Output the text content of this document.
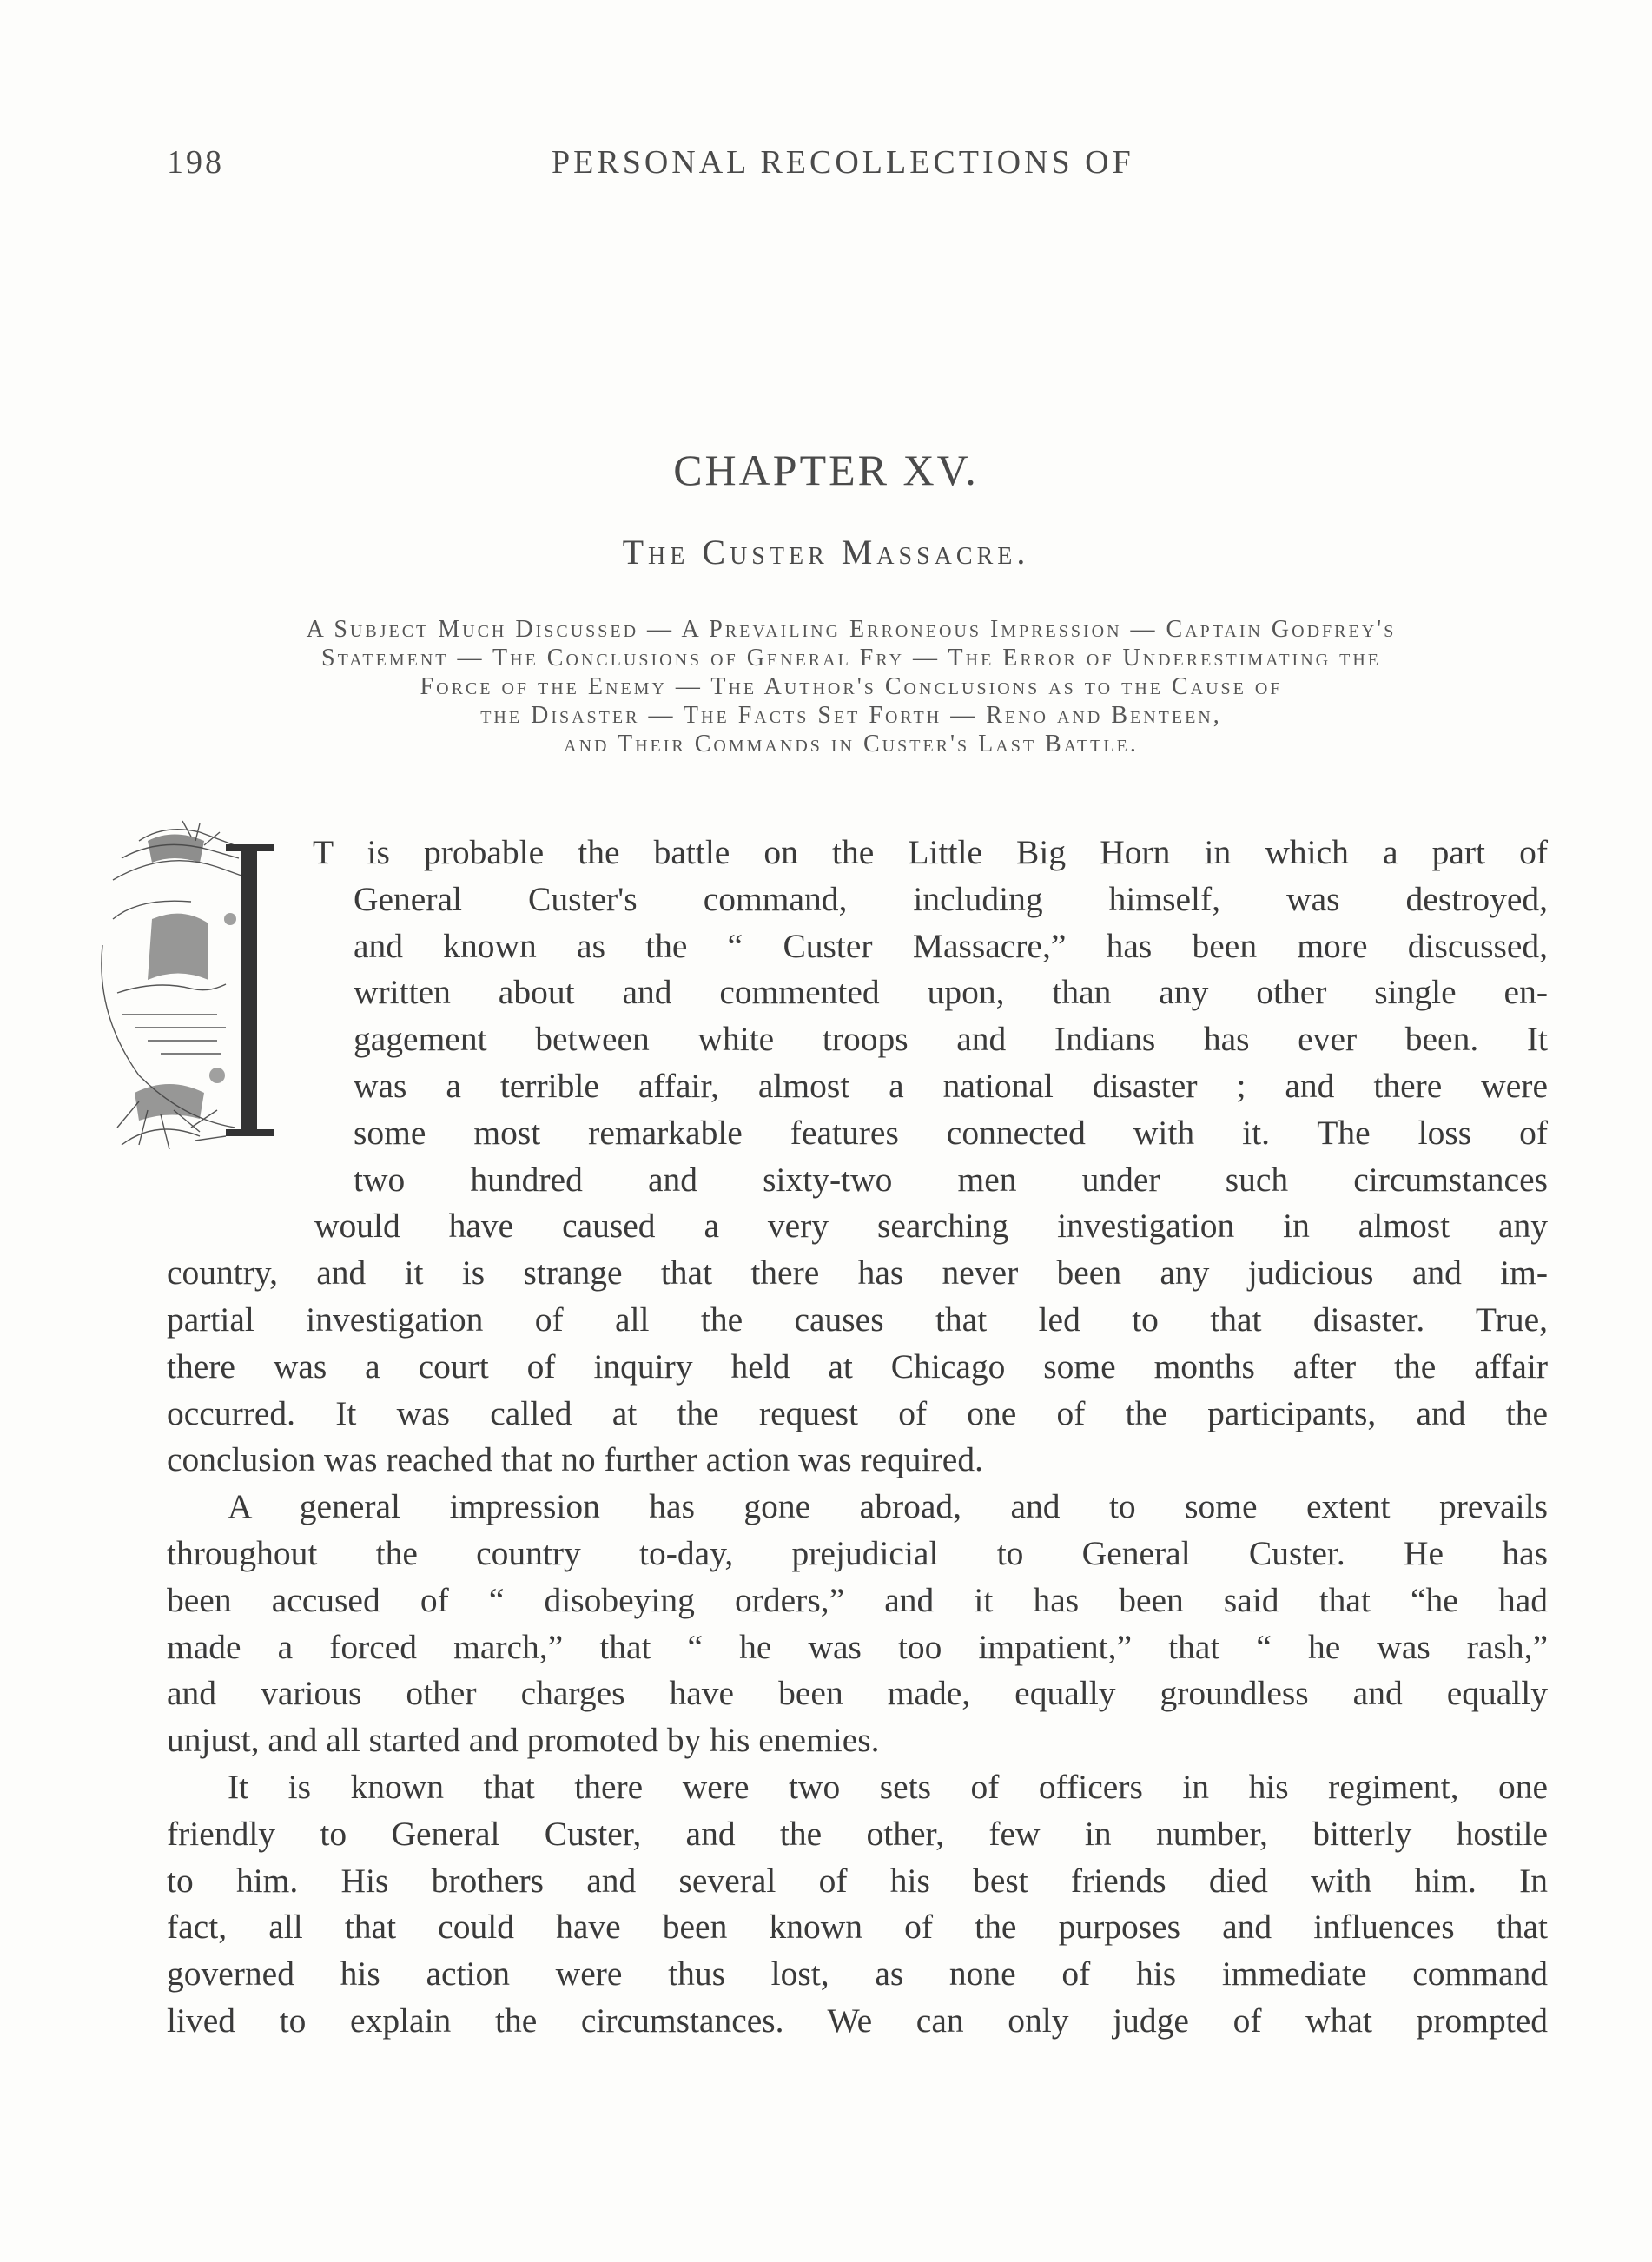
198	PERSONAL RECOLLECTIONS OF
CHAPTER XV.
The Custer Massacre.
A Subject Much Discussed — A Prevailing Erroneous Impression — Captain Godfrey's
Statement — The Conclusions of General Fry — The Error of Underestimating the
Force of the Enemy — The Author's Conclusions as to the Cause of
the Disaster — The Facts Set Forth — Reno and Benteen,
and Their Commands in Custer's Last Battle.
T is probable the battle on the Little Big Horn in which a part of
General Custer's command, including himself, was destroyed,
and known as the “ Custer Massacre,” has been more discussed,
written about and commented upon, than any other single en-
gagement between white troops and Indians has ever been. It
was a terrible affair, almost a national disaster ; and there were
some most remarkable features connected with it. The loss of
two hundred and sixty-two men under such circumstances
would have caused a very searching investigation in almost any
country, and it is strange that there has never been any judicious and im-
partial investigation of all the causes that led to that disaster. True,
there was a court of inquiry held at Chicago some months after the affair
occurred. It was called at the request of one of the participants, and the
conclusion was reached that no further action was required.
A general impression has gone abroad, and to some extent prevails
throughout the country to-day, prejudicial to General Custer. He has
been accused of “ disobeying orders,” and it has been said that “he had
made a forced march,” that “ he was too impatient,” that “ he was rash,”
and various other charges have been made, equally groundless and equally
unjust, and all started and promoted by his enemies.
It is known that there were two sets of officers in his regiment, one
friendly to General Custer, and the other, few in number, bitterly hostile
to him. His brothers and several of his best friends died with him. In
fact, all that could have been known of the purposes and influences that
governed his action were thus lost, as none of his immediate command
lived to explain the circumstances. We can only judge of what prompted
